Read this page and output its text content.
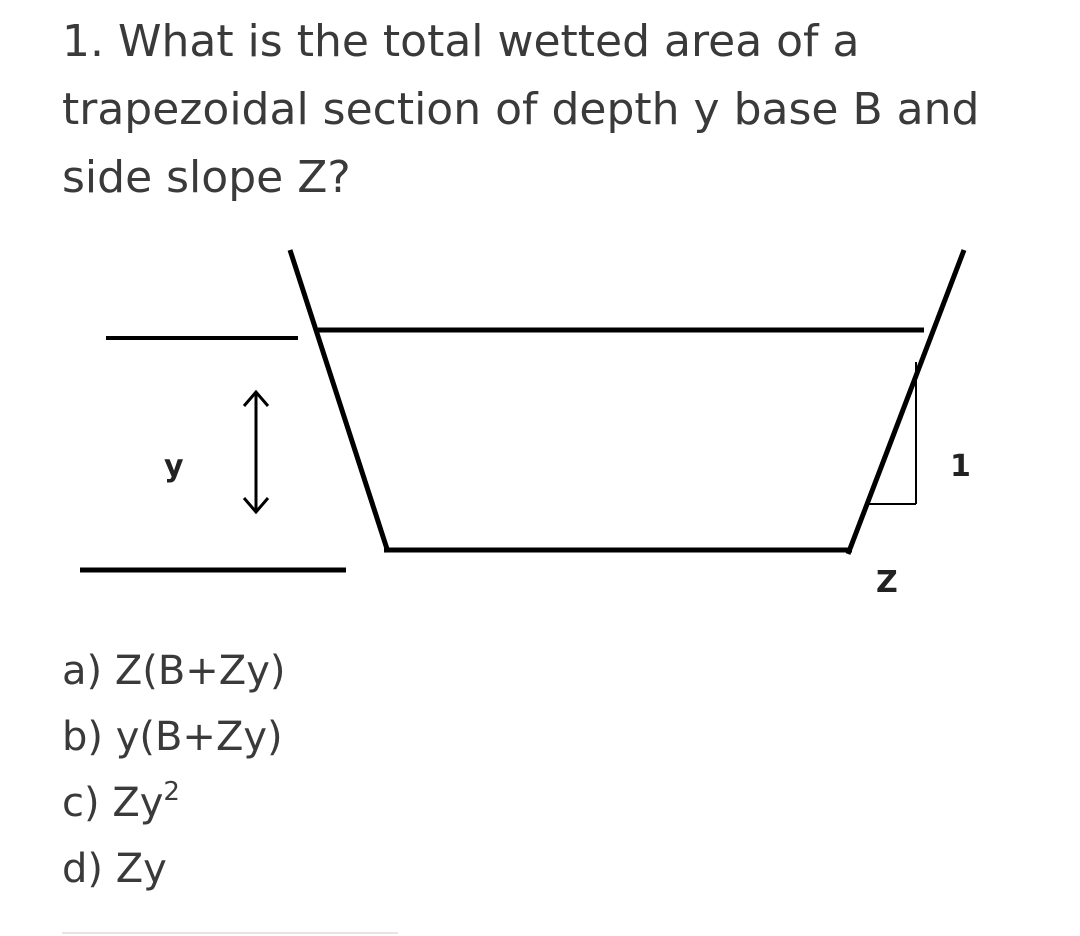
1. What is the total wetted area of a trapezoidal section of depth y base B and side slope Z?

y	1
Z
a) Z(B+Zy)
b) y(B+Zy)
c) Zy$^2$
d) Zy
